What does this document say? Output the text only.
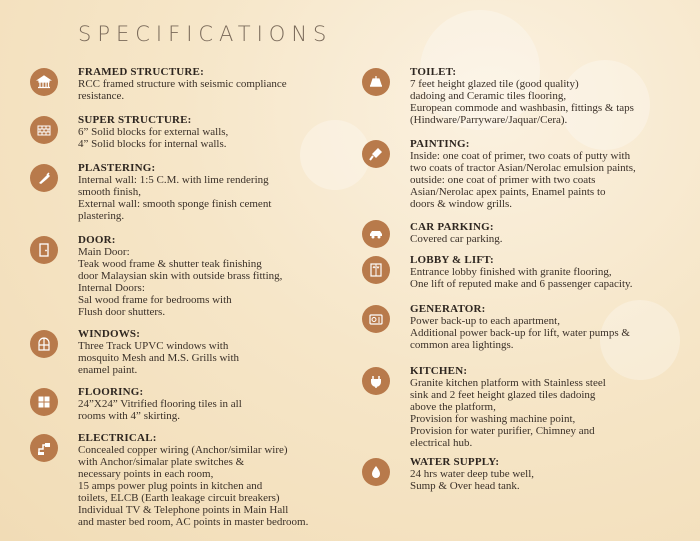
SPECIFICATIONS
FRAMED STRUCTURE:
RCC framed structure with seismic compliance
resistance.
SUPER STRUCTURE:
6” Solid blocks for external walls,
4” Solid blocks for internal walls.
PLASTERING:
Internal wall: 1:5 C.M. with lime rendering
smooth finish,
External wall: smooth sponge finish cement
plastering.
DOOR:
Main Door:
Teak wood frame & shutter teak finishing
door Malaysian skin with outside brass fitting,
Internal Doors:
Sal wood frame for bedrooms with
Flush door shutters.
WINDOWS:
Three Track UPVC windows with
mosquito Mesh and M.S. Grills with
enamel paint.
FLOORING:
24”X24” Vitrified flooring tiles in all
rooms with 4” skirting.
ELECTRICAL:
Concealed copper wiring (Anchor/similar wire)
with Anchor/simalar plate switches &
necessary points in each room,
15 amps power plug points in kitchen and
toilets, ELCB (Earth leakage circuit breakers)
Individual TV & Telephone points in Main Hall
and master bed room, AC points in master bedroom.
TOILET:
7 feet height glazed tile (good quality)
dadoing and Ceramic tiles flooring,
European commode and washbasin, fittings & taps
(Hindware/Parryware/Jaquar/Cera).
PAINTING:
Inside: one coat of primer, two coats of putty with
two coats of tractor Asian/Nerolac emulsion paints,
outside: one coat of primer with two coats
Asian/Nerolac apex paints, Enamel paints to
doors & window grills.
CAR PARKING:
Covered car parking.
LOBBY & LIFT:
Entrance lobby finished with granite flooring,
One lift of reputed make and 6 passenger capacity.
GENERATOR:
Power back-up to each apartment,
Additional power back-up for lift, water pumps &
common area lightings.
KITCHEN:
Granite kitchen platform with Stainless steel
sink and 2 feet height glazed tiles dadoing
above the platform,
Provision for washing machine point,
Provision for water purifier, Chimney and
electrical hub.
WATER SUPPLY:
24 hrs water deep tube well,
Sump & Over head tank.
